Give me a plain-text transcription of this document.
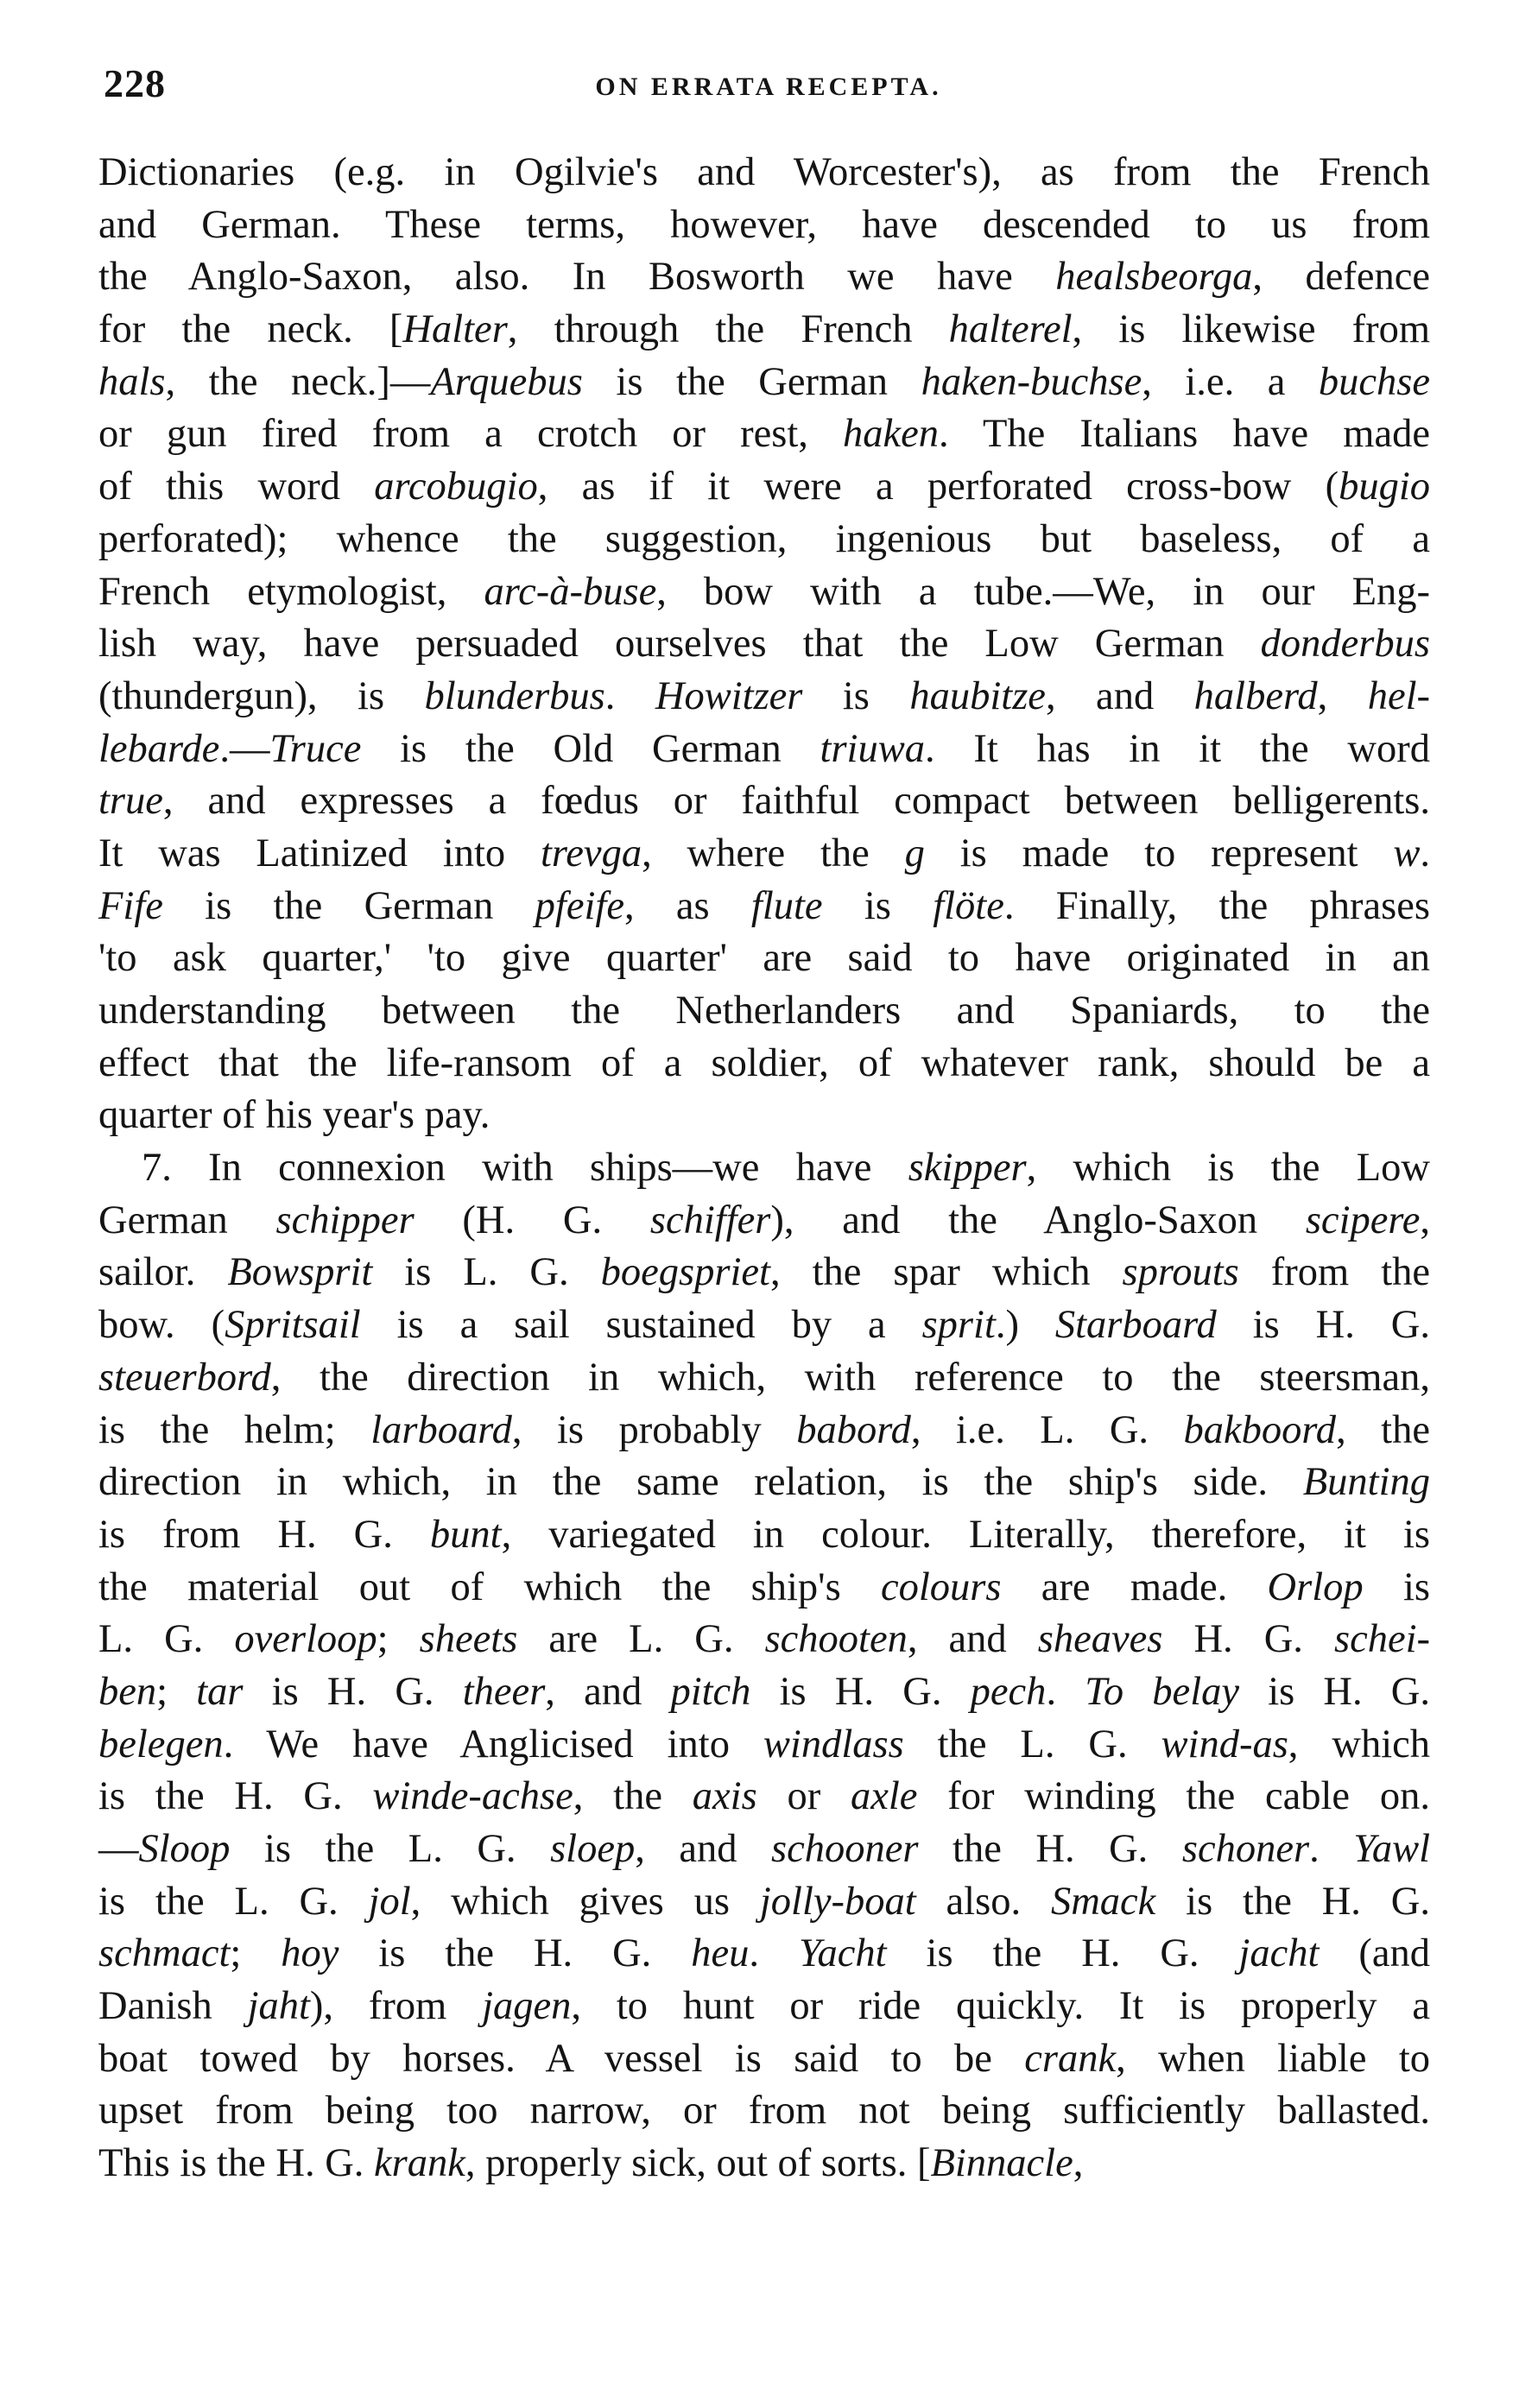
228	ON ERRATA RECEPTA.
Dictionaries (e.g. in Ogilvie's and Worcester's), as from the French
and German. These terms, however, have descended to us from
the Anglo-Saxon, also. In Bosworth we have healsbeorga, defence
for the neck. [Halter, through the French halterel, is likewise from
hals, the neck.]—Arquebus is the German haken-buchse, i.e. a buchse
or gun fired from a crotch or rest, haken. The Italians have made
of this word arcobugio, as if it were a perforated cross-bow (bugio
perforated); whence the suggestion, ingenious but baseless, of a
French etymologist, arc-à-buse, bow with a tube.—We, in our Eng-
lish way, have persuaded ourselves that the Low German donderbus
(thundergun), is blunderbus. Howitzer is haubitze, and halberd, hel-
lebarde.—Truce is the Old German triuwa. It has in it the word
true, and expresses a fœdus or faithful compact between belligerents.
It was Latinized into trevga, where the g is made to represent w.
Fife is the German pfeife, as flute is flöte. Finally, the phrases
'to ask quarter,' 'to give quarter' are said to have originated in an
understanding between the Netherlanders and Spaniards, to the
effect that the life-ransom of a soldier, of whatever rank, should be a
quarter of his year's pay.
7. In connexion with ships—we have skipper, which is the Low
German schipper (H. G. schiffer), and the Anglo-Saxon scipere,
sailor. Bowsprit is L. G. boegspriet, the spar which sprouts from the
bow. (Spritsail is a sail sustained by a sprit.) Starboard is H. G.
steuerbord, the direction in which, with reference to the steersman,
is the helm; larboard, is probably babord, i.e. L. G. bakboord, the
direction in which, in the same relation, is the ship's side. Bunting
is from H. G. bunt, variegated in colour. Literally, therefore, it is
the material out of which the ship's colours are made. Orlop is
L. G. overloop; sheets are L. G. schooten, and sheaves H. G. schei-
ben; tar is H. G. theer, and pitch is H. G. pech. To belay is H. G.
belegen. We have Anglicised into windlass the L. G. wind-as, which
is the H. G. winde-achse, the axis or axle for winding the cable on.
—Sloop is the L. G. sloep, and schooner the H. G. schoner. Yawl
is the L. G. jol, which gives us jolly-boat also. Smack is the H. G.
schmact; hoy is the H. G. heu. Yacht is the H. G. jacht (and
Danish jaht), from jagen, to hunt or ride quickly. It is properly a
boat towed by horses. A vessel is said to be crank, when liable to
upset from being too narrow, or from not being sufficiently ballasted.
This is the H. G. krank, properly sick, out of sorts. [Binnacle,
